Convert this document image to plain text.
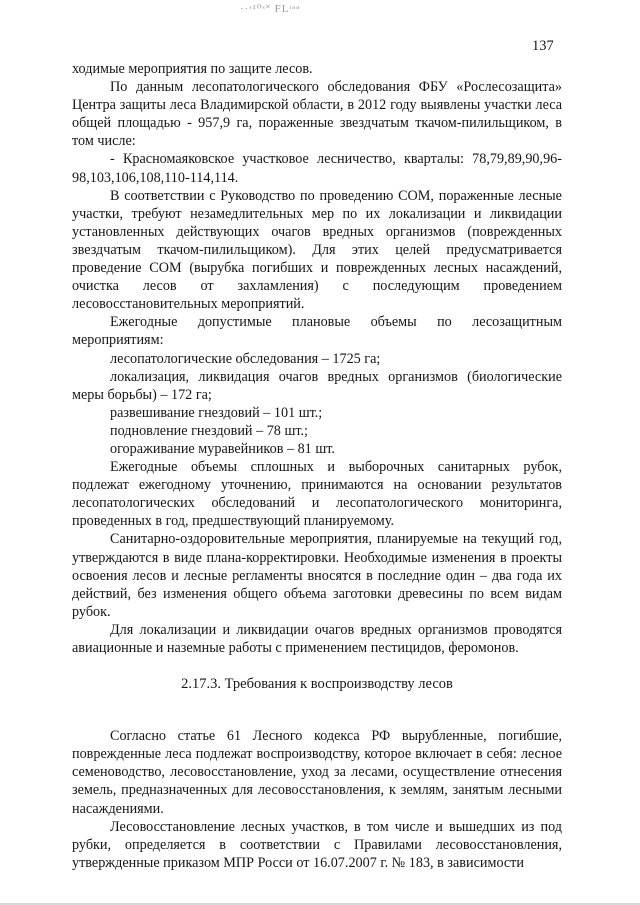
··ˢ¹⁰ˢ˟ FLᶦᵃᵃ
137

ходимые мероприятия по защите лесов.

По данным лесопатологического обследования ФБУ «Рослесозащита» Центра защиты леса Владимирской области, в 2012 году выявлены участки леса общей площадью - 957,9 га, пораженные звездчатым ткачом-пилильщиком, в том числе:

- Красномаяковское участковое лесничество, кварталы: 78,79,89,90,96-98,103,106,108,110-114,114.

В соответствии с Руководство по проведению СОМ, пораженные лесные участки, требуют незамедлительных мер по их локализации и ликвидации установленных действующих очагов вредных организмов (поврежденных звездчатым ткачом-пилильщиком). Для этих целей предусматривается проведение СОМ (вырубка погибших и поврежденных лесных насаждений, очистка лесов от захламления) с последующим проведением лесовосстановительных мероприятий.

Ежегодные допустимые плановые объемы по лесозащитным мероприятиям:

лесопатологические обследования – 1725 га;

локализация, ликвидация очагов вредных организмов (биологические меры борьбы) – 172 га;

развешивание гнездовий – 101 шт.;

подновление гнездовий – 78 шт.;

огораживание муравейников – 81 шт.

Ежегодные объемы сплошных и выборочных санитарных рубок, подлежат ежегодному уточнению, принимаются на основании результатов лесопатологических обследований и лесопатологического мониторинга, проведенных в год, предшествующий планируемому.

Санитарно-оздоровительные мероприятия, планируемые на текущий год, утверждаются в виде плана-корректировки. Необходимые изменения в проекты освоения лесов и лесные регламенты вносятся в последние один – два года их действий, без изменения общего объема заготовки древесины по всем видам рубок.

Для локализации и ликвидации очагов вредных организмов проводятся авиационные и наземные работы с применением пестицидов, феромонов.

2.17.3. Требования к воспроизводству лесов

Согласно статье 61 Лесного кодекса РФ вырубленные, погибшие, поврежденные леса подлежат воспроизводству, которое включает в себя: лесное семеноводство, лесовосстановление, уход за лесами, осуществление отнесения земель, предназначенных для лесовосстановления, к землям, занятым лесными насаждениями.

Лесовосстановление лесных участков, в том числе и вышедших из под рубки, определяется в соответствии с Правилами лесовосстановления, утвержденные приказом МПР Росси от 16.07.2007 г. № 183, в зависимости
